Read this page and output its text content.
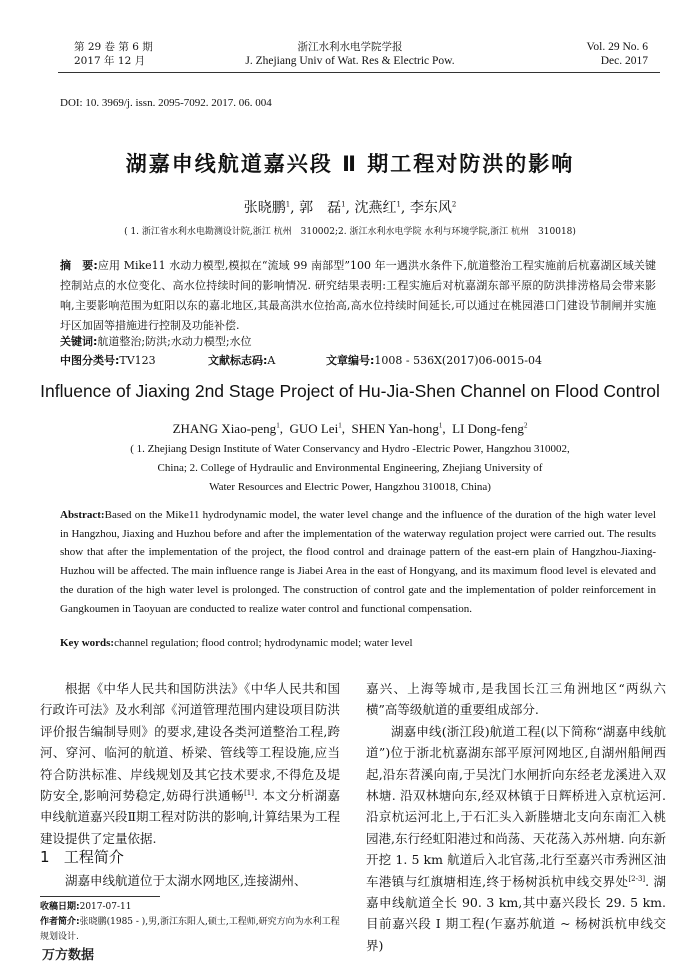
第 29 卷 第 6 期
2017 年 12 月
浙江水利水电学院学报
J. Zhejiang Univ of Wat. Res & Electric Pow.
Vol. 29 No. 6
Dec. 2017
DOI: 10. 3969/j. issn. 2095-7092. 2017. 06. 004
湖嘉申线航道嘉兴段 Ⅱ 期工程对防洪的影响
张晓鹏$^1$, 郭　磊$^1$, 沈燕红$^1$, 李东风$^2$
( 1. 浙江省水利水电勘测设计院,浙江 杭州　310002;2. 浙江水利水电学院 水利与环境学院,浙江 杭州　310018)
摘　要:应用 Mike11 水动力模型,模拟在“流域 99 南部型”100 年一遇洪水条件下,航道整治工程实施前后杭嘉湖区域关键控制站点的水位变化、高水位持续时间的影响情况. 研究结果表明:工程实施后对杭嘉湖东部平原的防洪排涝格局会带来影响,主要影响范围为虹阳以东的嘉北地区,其最高洪水位抬高,高水位持续时间延长,可以通过在桃园港口门建设节制闸并实施圩区加固等措施进行控制及功能补偿.
关键词:航道整治;防洪;水动力模型;水位
中图分类号:TV123	文献标志码:A	文章编号:1008 - 536X(2017)06-0015-04
Influence of Jiaxing 2nd Stage Project of Hu-Jia-Shen Channel on Flood Control
ZHANG Xiao-peng$^1$,  GUO Lei$^1$,  SHEN Yan-hong$^1$,  LI Dong-feng$^2$
( 1. Zhejiang Design Institute of Water Conservancy and Hydro -Electric Power, Hangzhou 310002,
China; 2. College of Hydraulic and Environmental Engineering, Zhejiang University of
Water Resources and Electric Power, Hangzhou 310018, China)
Abstract:Based on the Mike11 hydrodynamic model, the water level change and the influence of the duration of the high water level in Hangzhou, Jiaxing and Huzhou before and after the implementation of the waterway regulation project were carried out. The results show that after the implementation of the project, the flood control and drainage pattern of the east-ern plain of Hangzhou-Jiaxing-Huzhou will be affected. The main influence range is Jiabei Area in the east of Hongyang, and its maximum flood level is elevated and the duration of the high water level is prolonged. The construction of control gate and the implementation of polder reinforcement in Gangkoumen in Taoyuan are conducted to realize water control and functional compensation.
Key words:channel regulation; flood control; hydrodynamic model; water level

根据《中华人民共和国防洪法》《中华人民共和国行政许可法》及水利部《河道管理范围内建设项目防洪评价报告编制导则》的要求,建设各类河道整治工程,跨河、穿河、临河的航道、桥梁、管线等工程设施,应当符合防洪标准、岸线规划及其它技术要求,不得危及堤防安全,影响河势稳定,妨碍行洪通畅[1]. 本文分析湖嘉申线航道嘉兴段Ⅱ期工程对防洪的影响,计算结果为工程建设提供了定量依据.

1 工程简介
湖嘉申线航道位于太湖水网地区,连接湖州、
收稿日期:2017-07-11
作者简介:张晓鹏(1985 - ),男,浙江东阳人,硕士,工程师,研究方向为水利工程规划设计.
万方数据

嘉兴、上海等城市,是我国长江三角洲地区“两纵六横”高等级航道的重要组成部分.

湖嘉申线(浙江段)航道工程(以下简称“湖嘉申线航道”)位于浙北杭嘉湖东部平原河网地区,自湖州船闸西起,沿东苕溪向南,于吴沈门水闸折向东经老龙溪进入双林塘. 沿双林塘向东,经双林镇于日辉桥进入京杭运河. 沿京杭运河北上,于石汇头入新塍塘北支向东南汇入桃园港,东行经虹阳港过和尚荡、天花荡入苏州塘. 向东新开挖 1. 5 km 航道后入北官荡,北行至嘉兴市秀洲区油车港镇与红旗塘相连,终于杨树浜杭申线交界处[2-3]. 湖嘉申线航道全长 90. 3 km,其中嘉兴段长 29. 5 km. 目前嘉兴段 Ⅰ 期工程(乍嘉苏航道 ~ 杨树浜杭申线交界)
